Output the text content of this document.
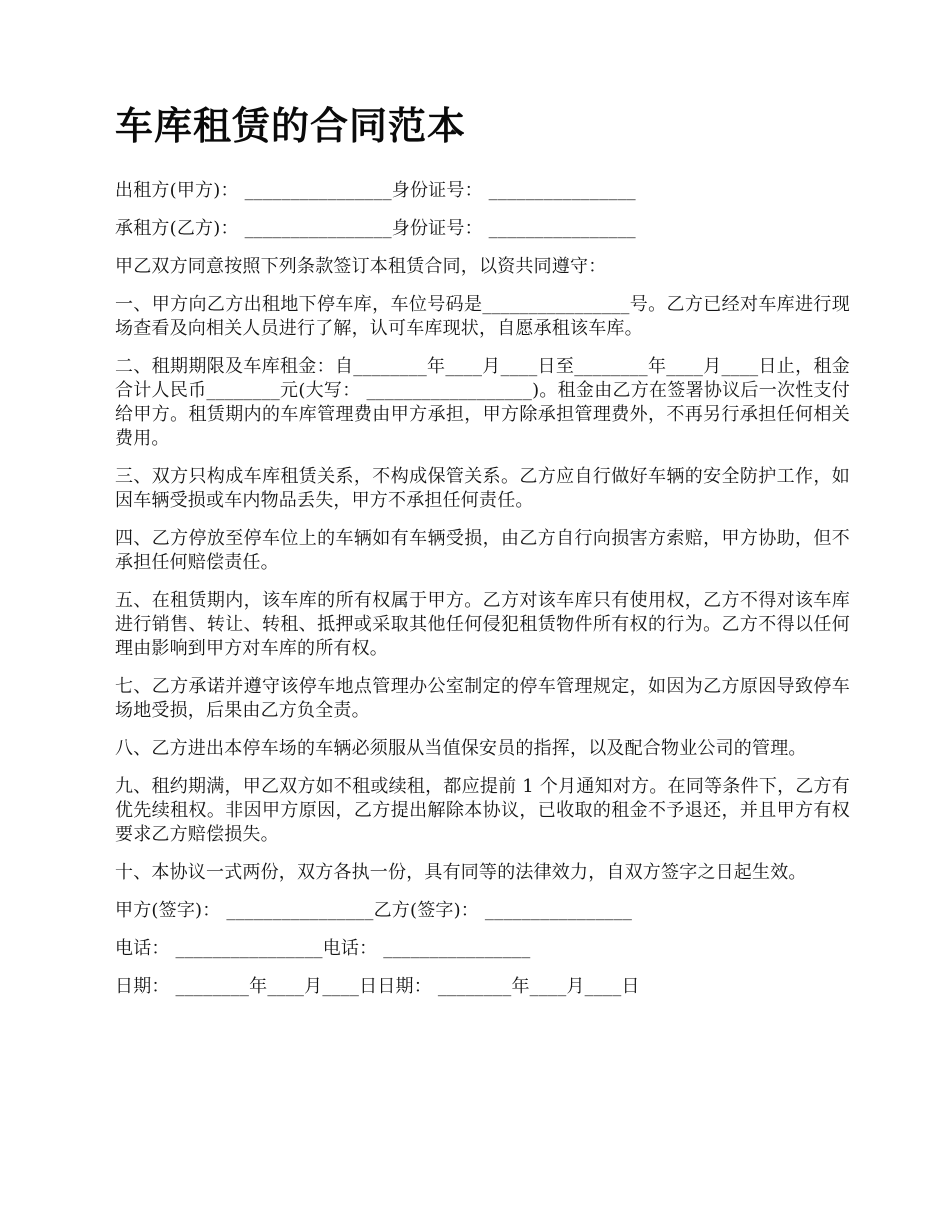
车库租赁的合同范本

出租方(甲方)： ________________身份证号： ________________

承租方(乙方)： ________________身份证号： ________________

甲乙双方同意按照下列条款签订本租赁合同，以资共同遵守：

一、甲方向乙方出租地下停车库，车位号码是________________号。乙方已经对车库进行现场查看及向相关人员进行了解，认可车库现状，自愿承租该车库。

二、租期期限及车库租金：自________年____月____日至________年____月____日止，租金合计人民币________元(大写： __________________)。租金由乙方在签署协议后一次性支付给甲方。租赁期内的车库管理费由甲方承担，甲方除承担管理费外，不再另行承担任何相关费用。

三、双方只构成车库租赁关系，不构成保管关系。乙方应自行做好车辆的安全防护工作，如因车辆受损或车内物品丢失，甲方不承担任何责任。

四、乙方停放至停车位上的车辆如有车辆受损，由乙方自行向损害方索赔，甲方协助，但不承担任何赔偿责任。

五、在租赁期内，该车库的所有权属于甲方。乙方对该车库只有使用权，乙方不得对该车库进行销售、转让、转租、抵押或采取其他任何侵犯租赁物件所有权的行为。乙方不得以任何理由影响到甲方对车库的所有权。

七、乙方承诺并遵守该停车地点管理办公室制定的停车管理规定，如因为乙方原因导致停车场地受损，后果由乙方负全责。

八、乙方进出本停车场的车辆必须服从当值保安员的指挥，以及配合物业公司的管理。

九、租约期满，甲乙双方如不租或续租，都应提前 1 个月通知对方。在同等条件下，乙方有优先续租权。非因甲方原因，乙方提出解除本协议，已收取的租金不予退还，并且甲方有权要求乙方赔偿损失。

十、本协议一式两份，双方各执一份，具有同等的法律效力，自双方签字之日起生效。

甲方(签字)： ________________乙方(签字)： ________________

电话： ________________电话： ________________

日期： ________年____月____日日期： ________年____月____日
